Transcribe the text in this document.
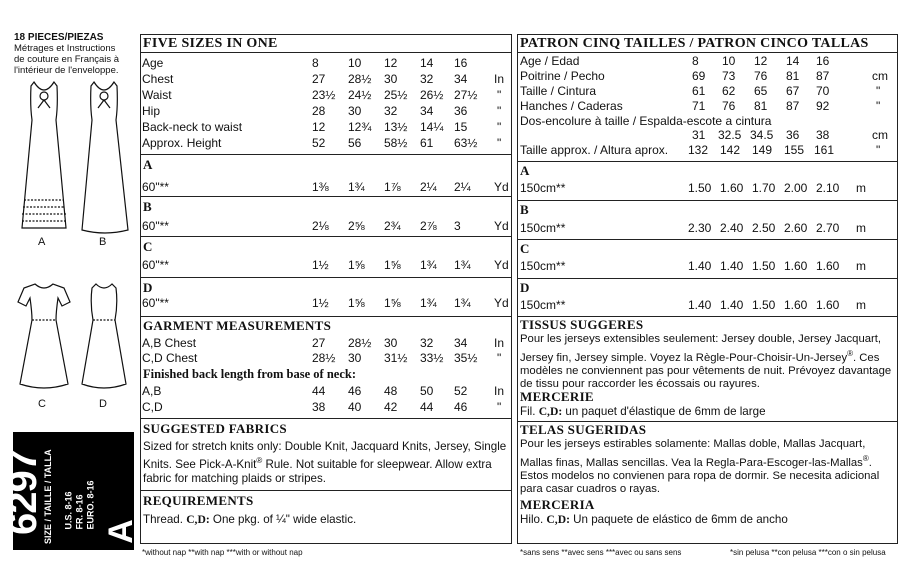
18 PIECES/PIEZAS
Métrages et Instructions
de couture en Français à
l'intérieur de l'enveloppe.
A	B
C	D
6297
SIZE / TAILLE / TALLA U.S. 8-16
FR. 8-16 EURO. 8-16
A
FIVE SIZES IN ONE
Age	8 10 12 14 16
Chest	27 28½ 30 32 34 In
Waist	23½ 24½ 25½ 26½ 27½ "
Hip	28 30 32 34 36 "
Back-neck to waist	12 12¾ 13½ 14¼ 15 "
Approx. Height	52 56 58½ 61 63½ "
A
60"**	1⅜ 1¾ 1⅞ 2¼ 2¼ Yd
B
60"**	2⅛ 2⅝ 2¾ 2⅞ 3	Yd
C
60"**	1½ 1⅝ 1⅝ 1¾ 1¾ Yd
D
60"**	1½ 1⅝ 1⅝ 1¾ 1¾ Yd
GARMENT MEASUREMENTS
A,B Chest	27 28½ 30 32 34 In
C,D Chest	28½ 30 31½ 33½ 35½ "
Finished back length from base of neck:
A,B	44 46 48 50 52 In
C,D	38 40 42 44 46 "
SUGGESTED FABRICS
Sized for stretch knits only: Double Knit, Jacquard Knits, Jersey, Single Knits. See Pick-A-Knit® Rule. Not suitable for sleepwear. Allow extra fabric for matching plaids or stripes.
REQUIREMENTS
Thread. C,D: One pkg. of ¼" wide elastic.
*without nap **with nap ***with or without nap
PATRON CINQ TAILLES / PATRON CINCO TALLAS
Age / Edad	8 10 12 14 16
Poitrine / Pecho	69 73 76 81 87	cm
Taille / Cintura	61 62 65 67 70	"
Hanches / Caderas	71 76 81 87 92	"
Dos-encolure à taille / Espalda-escote a cintura
31 32.5 34.5 36 38	cm
Taille approx. / Altura aprox. 132 142 149 155 161	"
A
150cm**	1.50 1.60 1.70 2.00 2.10 m
B
150cm**	2.30 2.40 2.50 2.60 2.70 m
C
150cm**	1.40 1.40 1.50 1.60 1.60 m
D
150cm**	1.40 1.40 1.50 1.60 1.60 m
TISSUS SUGGERES
Pour les jerseys extensibles seulement: Jersey double, Jersey Jacquart, Jersey fin, Jersey simple. Voyez la Règle-Pour-Choisir-Un-Jersey®. Ces modèles ne conviennent pas pour vêtements de nuit. Prévoyez davantage de tissu pour raccorder les écossais ou rayures.
MERCERIE
Fil. C,D: un paquet d'élastique de 6mm de large
TELAS SUGERIDAS
Pour les jerseys estirables solamente: Mallas doble, Mallas Jacquart, Mallas finas, Mallas sencillas. Vea la Regla-Para-Escoger-las-Mallas®. Estos modelos no convienen para ropa de dormir. Se necesita adicional para casar cuadros o rayas.
MERCERIA
Hilo. C,D: Un paquete de elástico de 6mm de ancho
*sans sens **avec sens ***avec ou sans sens	*sin pelusa **con pelusa ***con o sin pelusa
